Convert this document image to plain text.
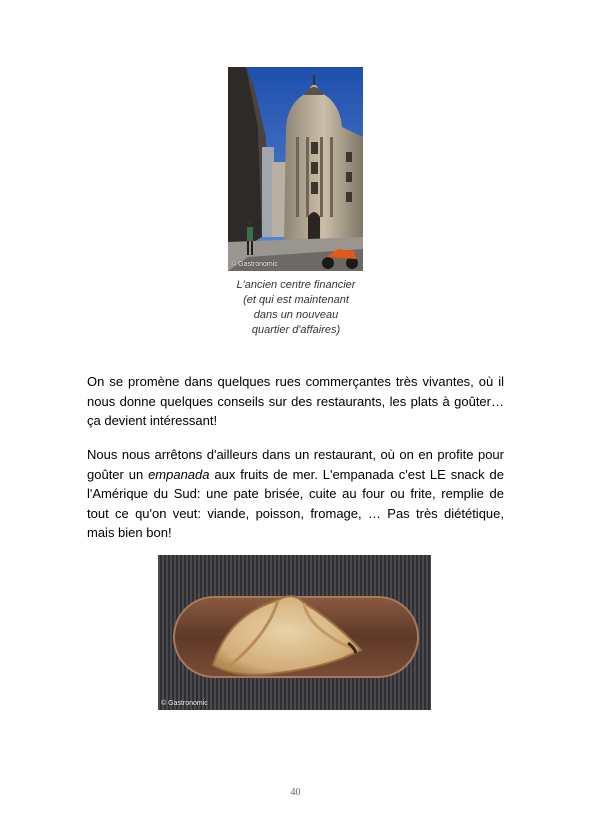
© Gastronomic
L'ancien centre financier
(et qui est maintenant
dans un nouveau
quartier d'affaires)

On se promène dans quelques rues commerçantes très vivantes, où il nous donne quelques conseils sur des restaurants, les plats à goûter… ça devient intéressant!

Nous nous arrêtons d'ailleurs dans un restaurant, où on en profite pour goûter un empanada aux fruits de mer. L'empanada c'est LE snack de l'Amérique du Sud: une pate brisée, cuite au four ou frite, remplie de tout ce qu'on veut: viande, poisson, fromage, … Pas très diététique, mais bien bon!

© Gastronomic
40
